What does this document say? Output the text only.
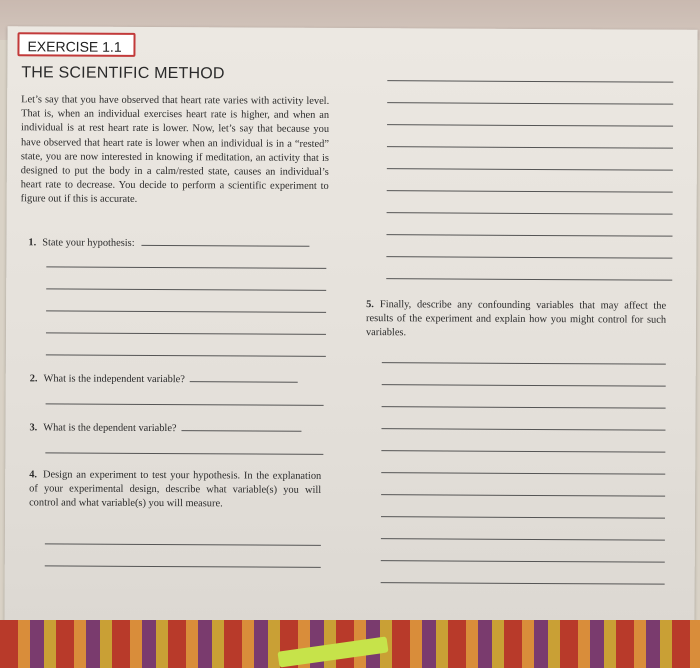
EXERCISE 1.1
THE SCIENTIFIC METHOD
Let’s say that you have observed that heart rate varies with activity level. That is, when an individual exercises heart rate is higher, and when an individual is at rest heart rate is lower. Now, let’s say that because you have observed that heart rate is lower when an individual is in a “rested” state, you are now interested in knowing if meditation, an activity that is designed to put the body in a calm/rested state, causes an individual’s heart rate to decrease. You decide to perform a scientific experiment to figure out if this is accurate.
1. State your hypothesis:
2. What is the independent variable?
3. What is the dependent variable?
4. Design an experiment to test your hypothesis. In the explanation of your experimental design, describe what variable(s) you will control and what variable(s) you will measure.
5. Finally, describe any confounding variables that may affect the results of the experiment and explain how you might control for such variables.
